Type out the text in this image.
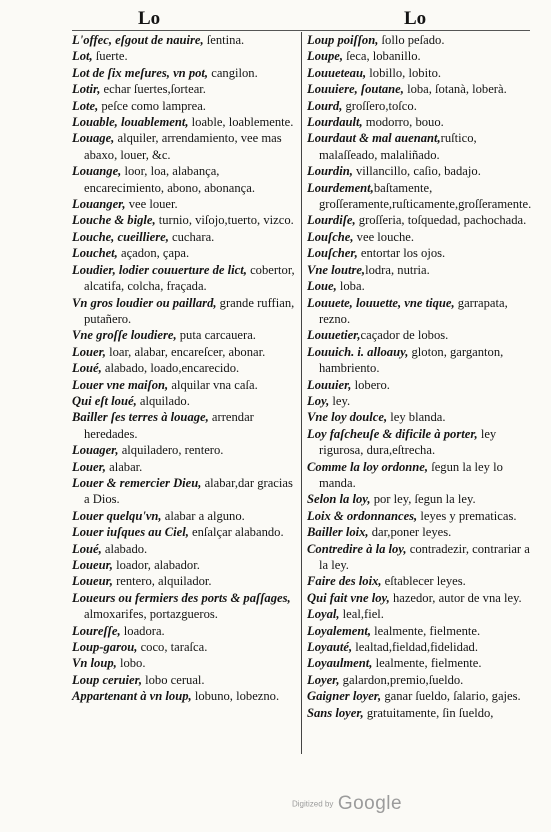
Lo	Lo

L'offec, eſgout de nauire, ſentina.

Lot, ſuerte.

Lot de ſix meſures, vn pot, cangilon.

Lotir, echar ſuertes,ſortear.

Lote, peſce como lamprea.

Louable, louablement, loable, loablemente.

Louage, alquiler, arrendamiento, vee mas abaxo, louer, &c.

Louange, loor, loa, alabança, encarecimiento, abono, abonança.

Louanger, vee louer.

Louche & bigle, turnio, viſojo,tuerto, vizco.

Louche, cueilliere, cuchara.

Louchet, açadon, çapa.

Loudier, lodier couuerture de lict, cobertor, alcatifa, colcha, fraçada.

Vn gros loudier ou paillard, grande ruffian, putañero.

Vne groſſe loudiere, puta carcauera.

Louer, loar, alabar, encareſcer, abonar.

Loué, alabado, loado,encarecido.

Louer vne maiſon, alquilar vna caſa.

Qui eſt loué, alquilado.

Bailler ſes terres à louage, arrendar heredades.

Louager, alquiladero, rentero.

Louer, alabar.

Louer & remercier Dieu, alabar,dar gracias a Dios.

Louer quelqu'vn, alabar a alguno.

Louer iuſques au Ciel, enſalçar alabando.

Loué, alabado.

Loueur, loador, alabador.

Loueur, rentero, alquilador.

Loueurs ou fermiers des ports & paſſages, almoxarifes, portazgueros.

Loureſſe, loadora.

Loup-garou, coco, taraſca.

Vn loup, lobo.

Loup ceruier, lobo cerual.

Appartenant à vn loup, lobuno, lobezno.

Loup poiſſon, ſollo peſado.

Loupe, ſeca, lobanillo.

Louueteau, lobillo, lobito.

Louuiere, ſoutane, loba, ſotanà, loberà.

Lourd, groſſero,toſco.

Lourdault, modorro, bouo.

Lourdaut & mal auenant,ruſtico, malaſſeado, malaliñado.

Lourdin, villancillo, caſio, badajo.

Lourdement,baſtamente, groſſeramente,ruſticamente,groſſeramente.

Lourdiſe, groſſeria, toſquedad, pachochada.

Louſche, vee louche.

Louſcher, entortar los ojos.

Vne loutre,lodra, nutria.

Loue, loba.

Louuete, louuette, vne tique, garrapata, rezno.

Louuetier,caçador de lobos.

Louuich. i. alloauy, gloton, garganton, hambriento.

Louuier, lobero.

Loy, ley.

Vne loy doulce, ley blanda.

Loy faſcheuſe & dificile à porter, ley rigurosa, dura,eſtrecha.

Comme la loy ordonne, ſegun la ley lo manda.

Selon la loy, por ley, ſegun la ley.

Loix & ordonnances, leyes y prematicas.

Bailler loix, dar,poner leyes.

Contredire à la loy, contradezir, contrariar a la ley.

Faire des loix, eſtablecer leyes.

Qui fait vne loy, hazedor, autor de vna ley.

Loyal, leal,fiel.

Loyalement, lealmente, fielmente.

Loyauté, lealtad,fieldad,fidelidad.

Loyaulment, lealmente, fielmente.

Loyer, galardon,premio,ſueldo.

Gaigner loyer, ganar ſueldo, ſalario, gajes.

Sans loyer, gratuitamente, ſin ſueldo,

Digitized by Google
